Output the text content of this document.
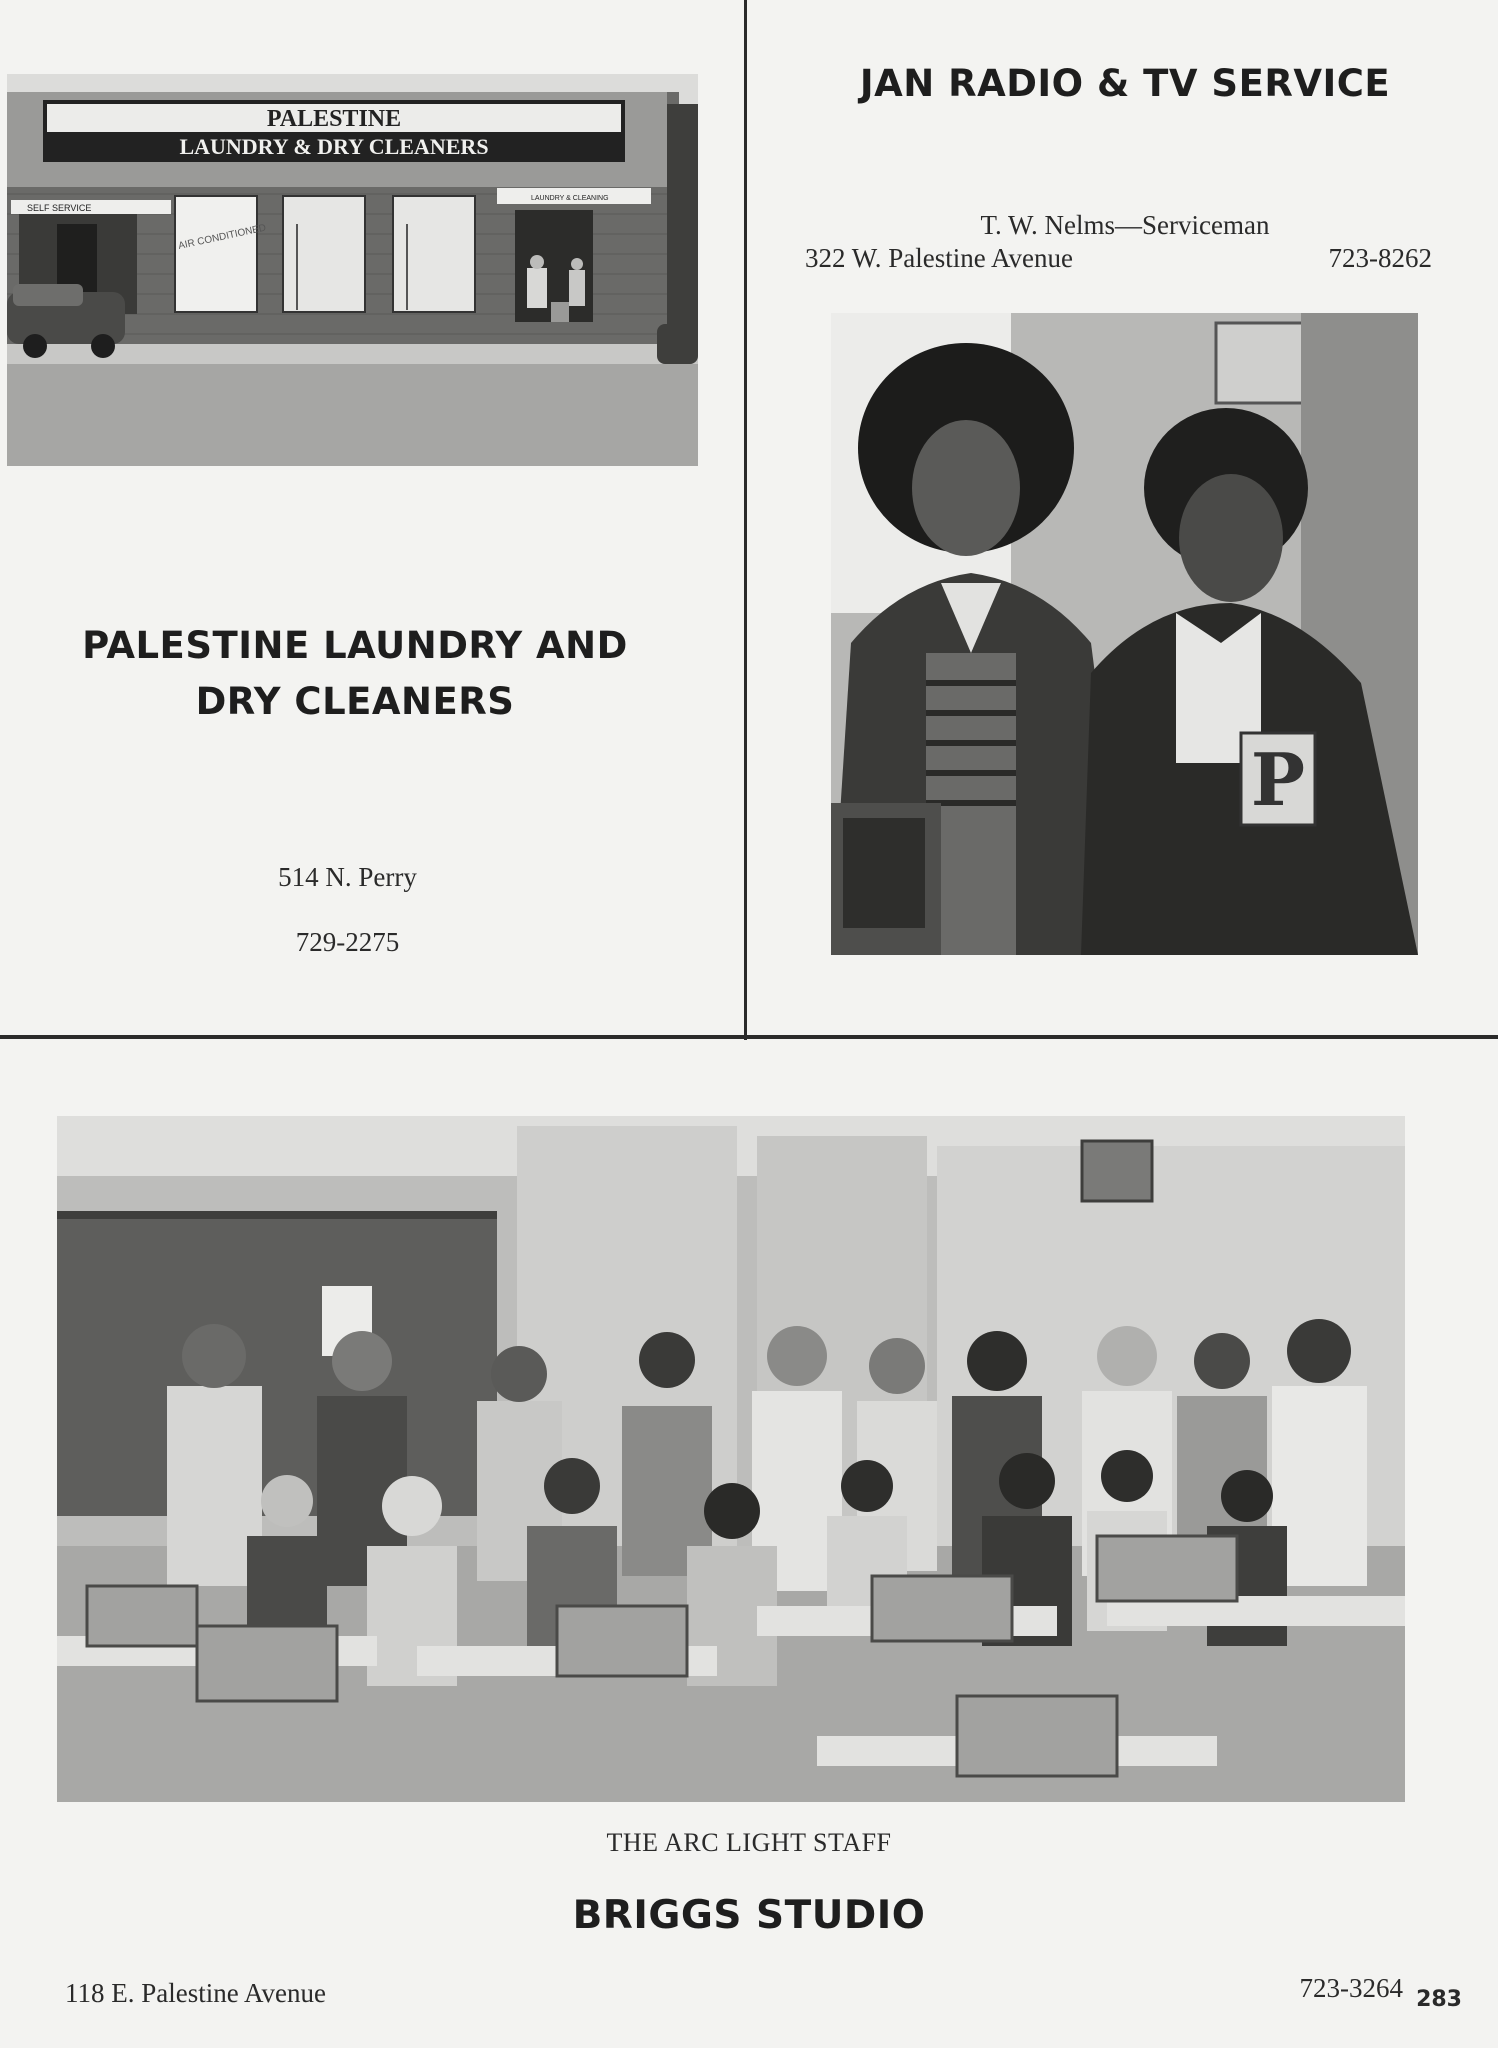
PALESTINE
LAUNDRY & DRY CLEANERS
SELF SERVICE
LAUNDRY & CLEANING
AIR CONDITIONED
PALESTINE LAUNDRY AND
DRY CLEANERS
514 N. Perry
729-2275
JAN RADIO & TV SERVICE
T. W. Nelms—Serviceman
322 W. Palestine Avenue	723-8262
P
THE ARC LIGHT STAFF
BRIGGS STUDIO
118 E. Palestine Avenue	723-3264 283
